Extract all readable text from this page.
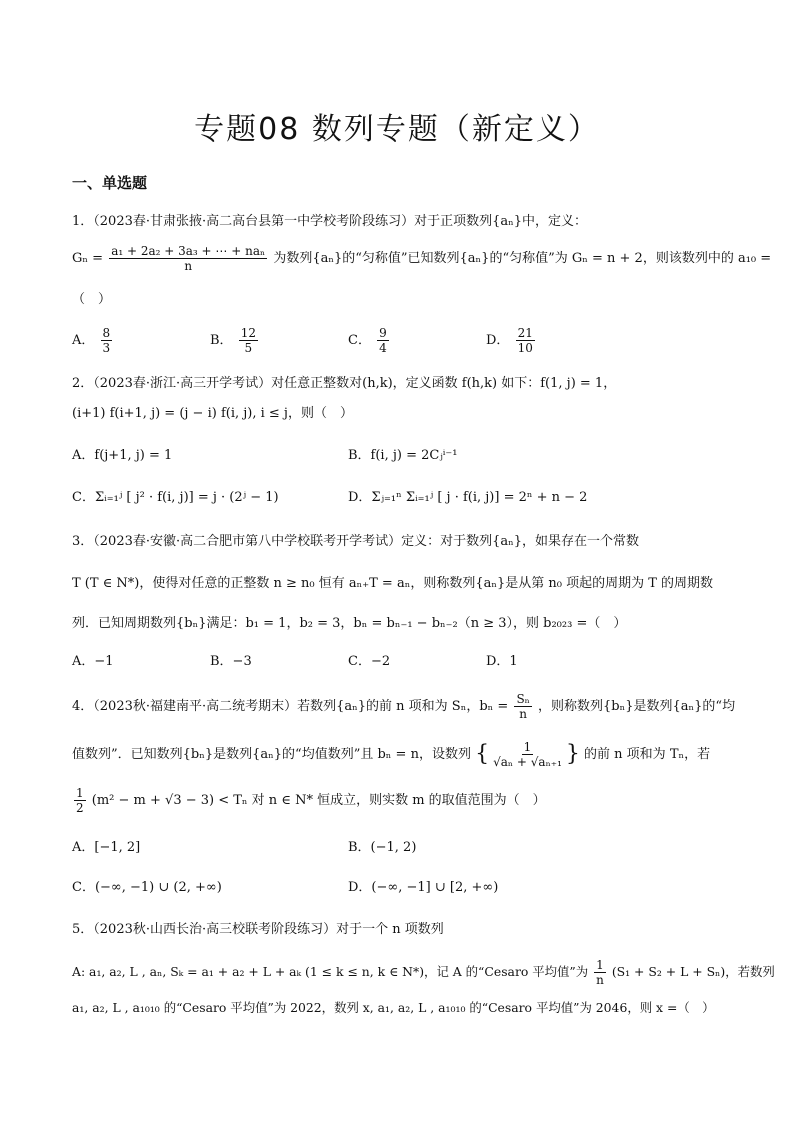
专题08 数列专题（新定义）
一、单选题
1．（2023春·甘肃张掖·高二高台县第一中学校考阶段练习）对于正项数列{aₙ}中，定义：
$G_n = \frac{\text{a₁ + 2a₂ + 3a₃ + ⋯ + naₙ}}{n}$ 为数列{aₙ}的“匀称值”已知数列{aₙ}的“匀称值”为 Gₙ = n + 2，则该数列中的 a₁₀ =
（　）
A． $\frac{8}{3}$	B． $\frac{12}{5}$	C． $\frac{9}{4}$	D． $\frac{21}{10}$
2．（2023春·浙江·高三开学考试）对任意正整数对(h,k)，定义函数 f(h,k) 如下：f(1, j) = 1，
(i+1) f(i+1, j) = (j − i) f(i, j), i ≤ j，则（　）
A．f(j+1, j) = 1	B．f(i, j) = 2Cⱼⁱ⁻¹
C．Σᵢ₌₁ʲ [ j² · f(i, j)] = j · (2ʲ − 1)	D．Σⱼ₌₁ⁿ Σᵢ₌₁ʲ [ j · f(i, j)] = 2ⁿ + n − 2
3．（2023春·安徽·高二合肥市第八中学校联考开学考试）定义：对于数列{aₙ}，如果存在一个常数
T (T ∈ N*)，使得对任意的正整数 n ≥ n₀ 恒有 aₙ₊T = aₙ，则称数列{aₙ}是从第 n₀ 项起的周期为 T 的周期数
列．已知周期数列{bₙ}满足：b₁ = 1，b₂ = 3，bₙ = bₙ₋₁ − bₙ₋₂（n ≥ 3），则 b₂₀₂₃ =（　）
A．−1	B．−3	C．−2	D．1
4．（2023秋·福建南平·高二统考期末）若数列{aₙ}的前 n 项和为 Sₙ，$b_n = \frac{\text{Sₙ}}{n}$ ，则称数列{bₙ}是数列{aₙ}的“均
值数列”．已知数列{bₙ}是数列{aₙ}的“均值数列”且 bₙ = n，设数列 { $\frac{1}{\text{√aₙ + √aₙ₊₁}}$ } 的前 n 项和为 Tₙ，若
$\frac{1}{2} (m^2 - m + √3 - 3) < T_n$ 对 n ∈ N* 恒成立，则实数 m 的取值范围为（　）
A．[−1, 2]	B．(−1, 2)
C．(−∞, −1) ∪ (2, +∞)	D．(−∞, −1] ∪ [2, +∞)
5．（2023秋·山西长治·高三校联考阶段练习）对于一个 n 项数列
A: a₁, a₂, L , aₙ, Sₖ = a₁ + a₂ + L + aₖ (1 ≤ k ≤ n, k ∈ N*)，记 A 的“Cesaro 平均值”为 $\frac{1}{n} (S_1 + S_2 + L + S_n)$，若数列
a₁, a₂, L , a₁₀₁₀ 的“Cesaro 平均值”为 2022，数列 x, a₁, a₂, L , a₁₀₁₀ 的“Cesaro 平均值”为 2046，则 x =（　）
